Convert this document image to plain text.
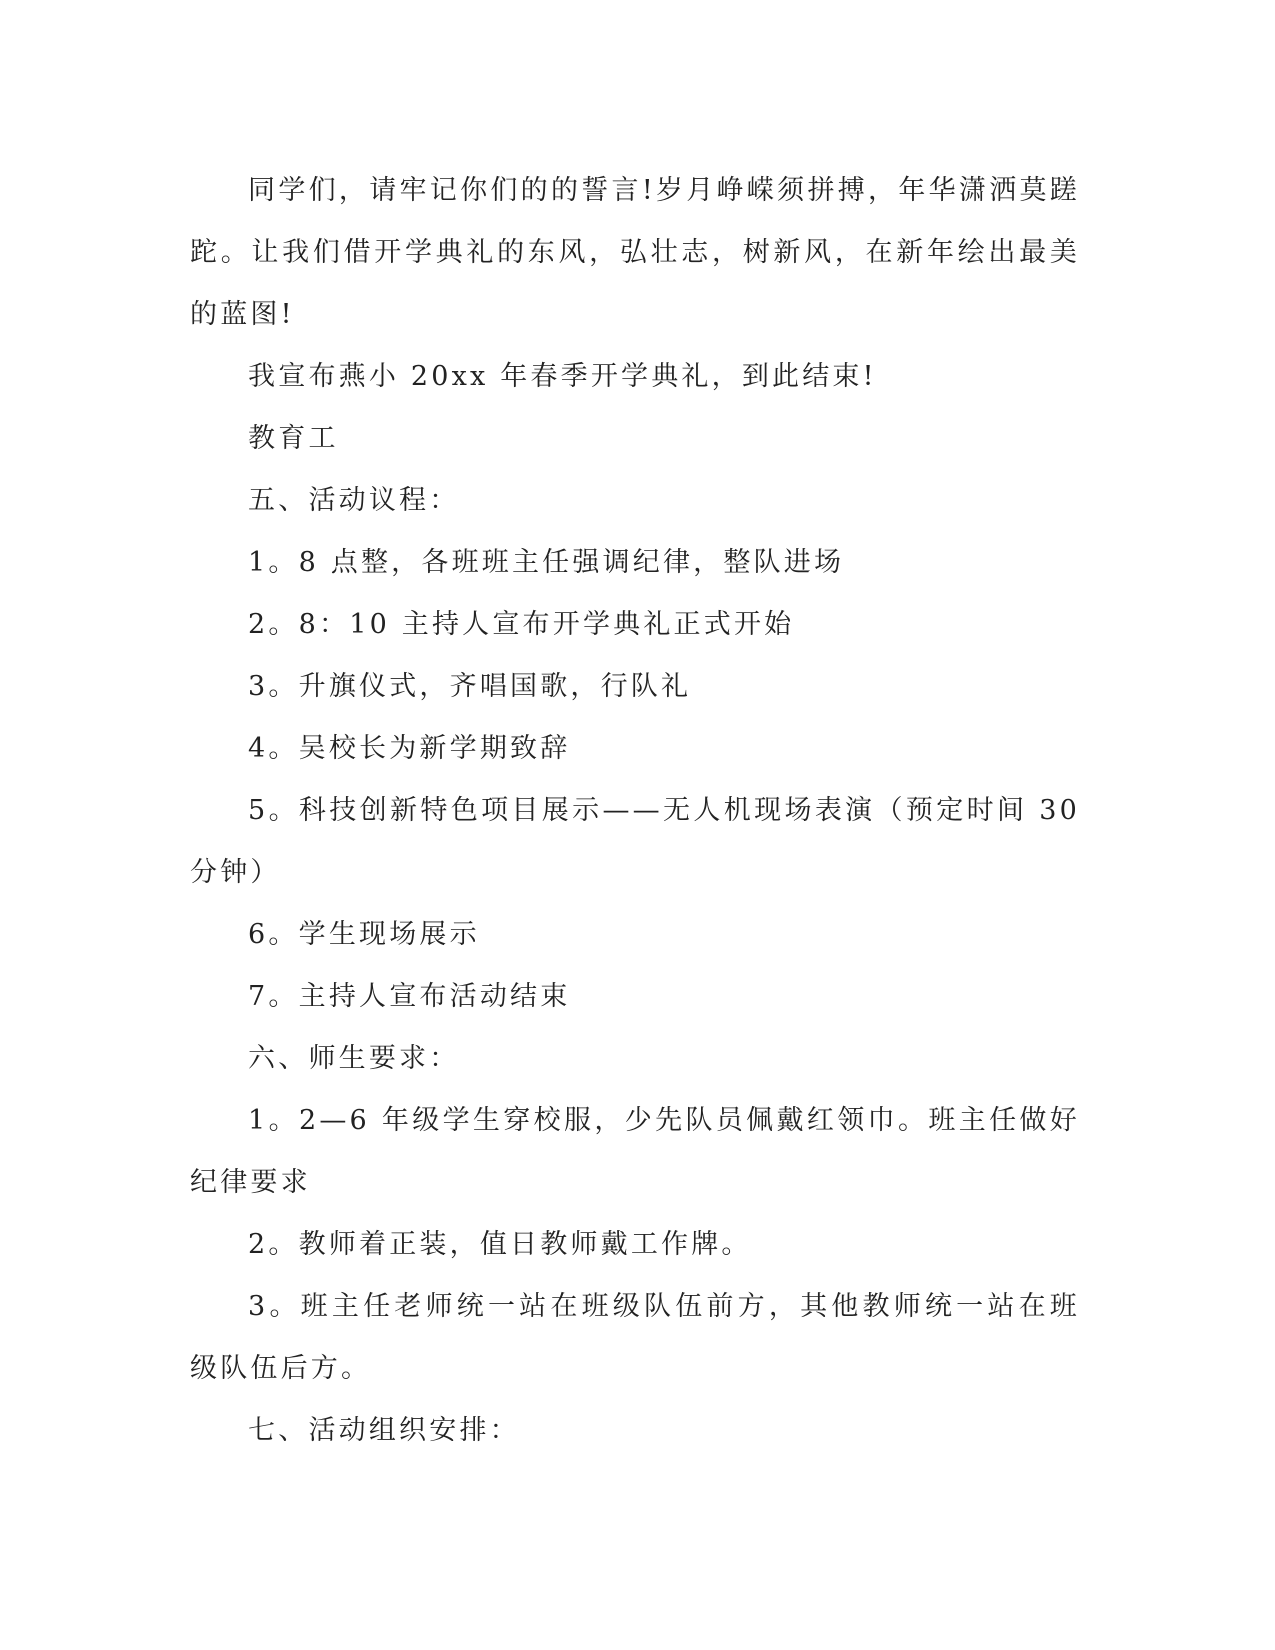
同学们，请牢记你们的的誓言!岁月峥嵘须拼搏，年华潇洒莫蹉跎。让我们借开学典礼的东风，弘壮志，树新风，在新年绘出最美的蓝图!

我宣布燕小 20xx 年春季开学典礼，到此结束!

教育工

五、活动议程：

1。8 点整，各班班主任强调纪律，整队进场

2。8：10 主持人宣布开学典礼正式开始

3。升旗仪式，齐唱国歌，行队礼

4。吴校长为新学期致辞

5。科技创新特色项目展示——无人机现场表演（预定时间 30 分钟）

6。学生现场展示

7。主持人宣布活动结束

六、师生要求：

1。2—6 年级学生穿校服，少先队员佩戴红领巾。班主任做好纪律要求

2。教师着正装，值日教师戴工作牌。

3。班主任老师统一站在班级队伍前方，其他教师统一站在班级队伍后方。

七、活动组织安排：
